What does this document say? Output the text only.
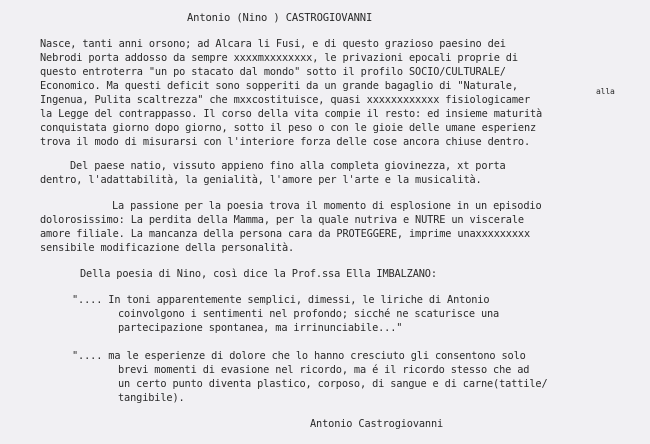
Antonio (Nino ) CASTROGIOVANNI
Nasce, tanti anni orsono; ad Alcara li Fusi, e di questo grazioso paesino dei
Nebrodi porta addosso da sempre xxxxmxxxxxxxx, le privazioni epocali proprie di
questo entroterra "un po stacato dal mondo" sotto il profilo SOCIO/CULTURALE/
Economico. Ma questi deficit sono sopperiti da un grande bagaglio di "Naturale,
Ingenua, Pulita scaltrezza" che mxxcostituisce, quasi xxxxxxxxxxxx fisiologicamer
alla
la Legge del contrappasso. Il corso della vita compie il resto: ed insieme maturità
conquistata giorno dopo giorno, sotto il peso o con le gioie delle umane esperienz
trova il modo di misurarsi con l'interiore forza delle cose ancora chiuse dentro.
Del paese natio, vissuto appieno fino alla completa giovinezza, xt porta
dentro, l'adattabilità, la genialità, l'amore per l'arte e la musicalità.
La passione per la poesia trova il momento di esplosione in un episodio
dolorosissimo: La perdita della Mamma, per la quale nutriva e NUTRE un viscerale
amore filiale. La mancanza della persona cara da PROTEGGERE, imprime unaxxxxxxxxx
sensibile modificazione della personalità.
Della poesia di Nino, così dice la Prof.ssa Ella IMBALZANO:
".... In toni apparentemente semplici, dimessi, le liriche di Antonio
coinvolgono i sentimenti nel profondo; sicché ne scaturisce una
partecipazione spontanea, ma irrinunciabile..."
".... ma le esperienze di dolore che lo hanno cresciuto gli consentono solo
brevi momenti di evasione nel ricordo, ma é il ricordo stesso che ad
un certo punto diventa plastico, corposo, di sangue e di carne(tattile/
tangibile).
Antonio Castrogiovanni
